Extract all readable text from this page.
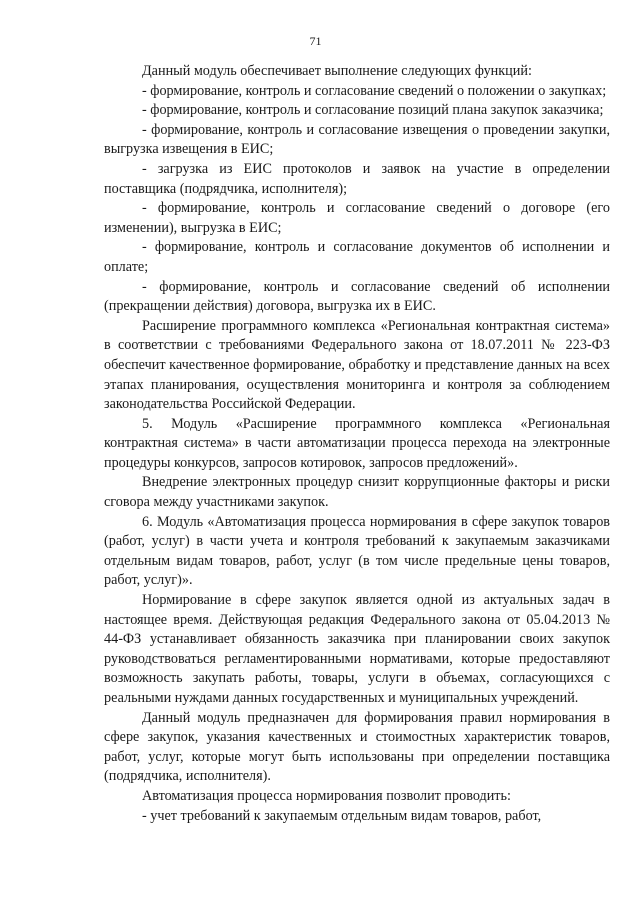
71

Данный модуль обеспечивает выполнение следующих функций:

- формирование, контроль и согласование сведений о положении о закупках;

- формирование, контроль и согласование позиций плана закупок заказчика;

- формирование, контроль и согласование извещения о проведении закупки, выгрузка извещения в ЕИС;

- загрузка из ЕИС протоколов и заявок на участие в определении поставщика (подрядчика, исполнителя);

- формирование, контроль и согласование сведений о договоре (его изменении), выгрузка в ЕИС;

- формирование, контроль и согласование документов об исполнении и оплате;

- формирование, контроль и согласование сведений об исполнении (прекращении действия) договора, выгрузка их в ЕИС.

Расширение программного комплекса «Региональная контрактная система» в соответствии с требованиями Федерального закона от 18.07.2011 № 223-ФЗ обеспечит качественное формирование, обработку и представление данных на всех этапах планирования, осуществления мониторинга и контроля за соблюдением законодательства Российской Федерации.

5. Модуль «Расширение программного комплекса «Региональная контрактная система» в части автоматизации процесса перехода на электронные процедуры конкурсов, запросов котировок, запросов предложений».

Внедрение электронных процедур снизит коррупционные факторы и риски сговора между участниками закупок.

6. Модуль «Автоматизация процесса нормирования в сфере закупок товаров (работ, услуг) в части учета и контроля требований к закупаемым заказчиками отдельным видам товаров, работ, услуг (в том числе предельные цены товаров, работ, услуг)».

Нормирование в сфере закупок является одной из актуальных задач в настоящее время. Действующая редакция Федерального закона от 05.04.2013 № 44-ФЗ устанавливает обязанность заказчика при планировании своих закупок руководствоваться регламентированными нормативами, которые предоставляют возможность закупать работы, товары, услуги в объемах, согласующихся с реальными нуждами данных государственных и муниципальных учреждений.

Данный модуль предназначен для формирования правил нормирования в сфере закупок, указания качественных и стоимостных характеристик товаров, работ, услуг, которые могут быть использованы при определении поставщика (подрядчика, исполнителя).

Автоматизация процесса нормирования позволит проводить:

- учет требований к закупаемым отдельным видам товаров, работ,
